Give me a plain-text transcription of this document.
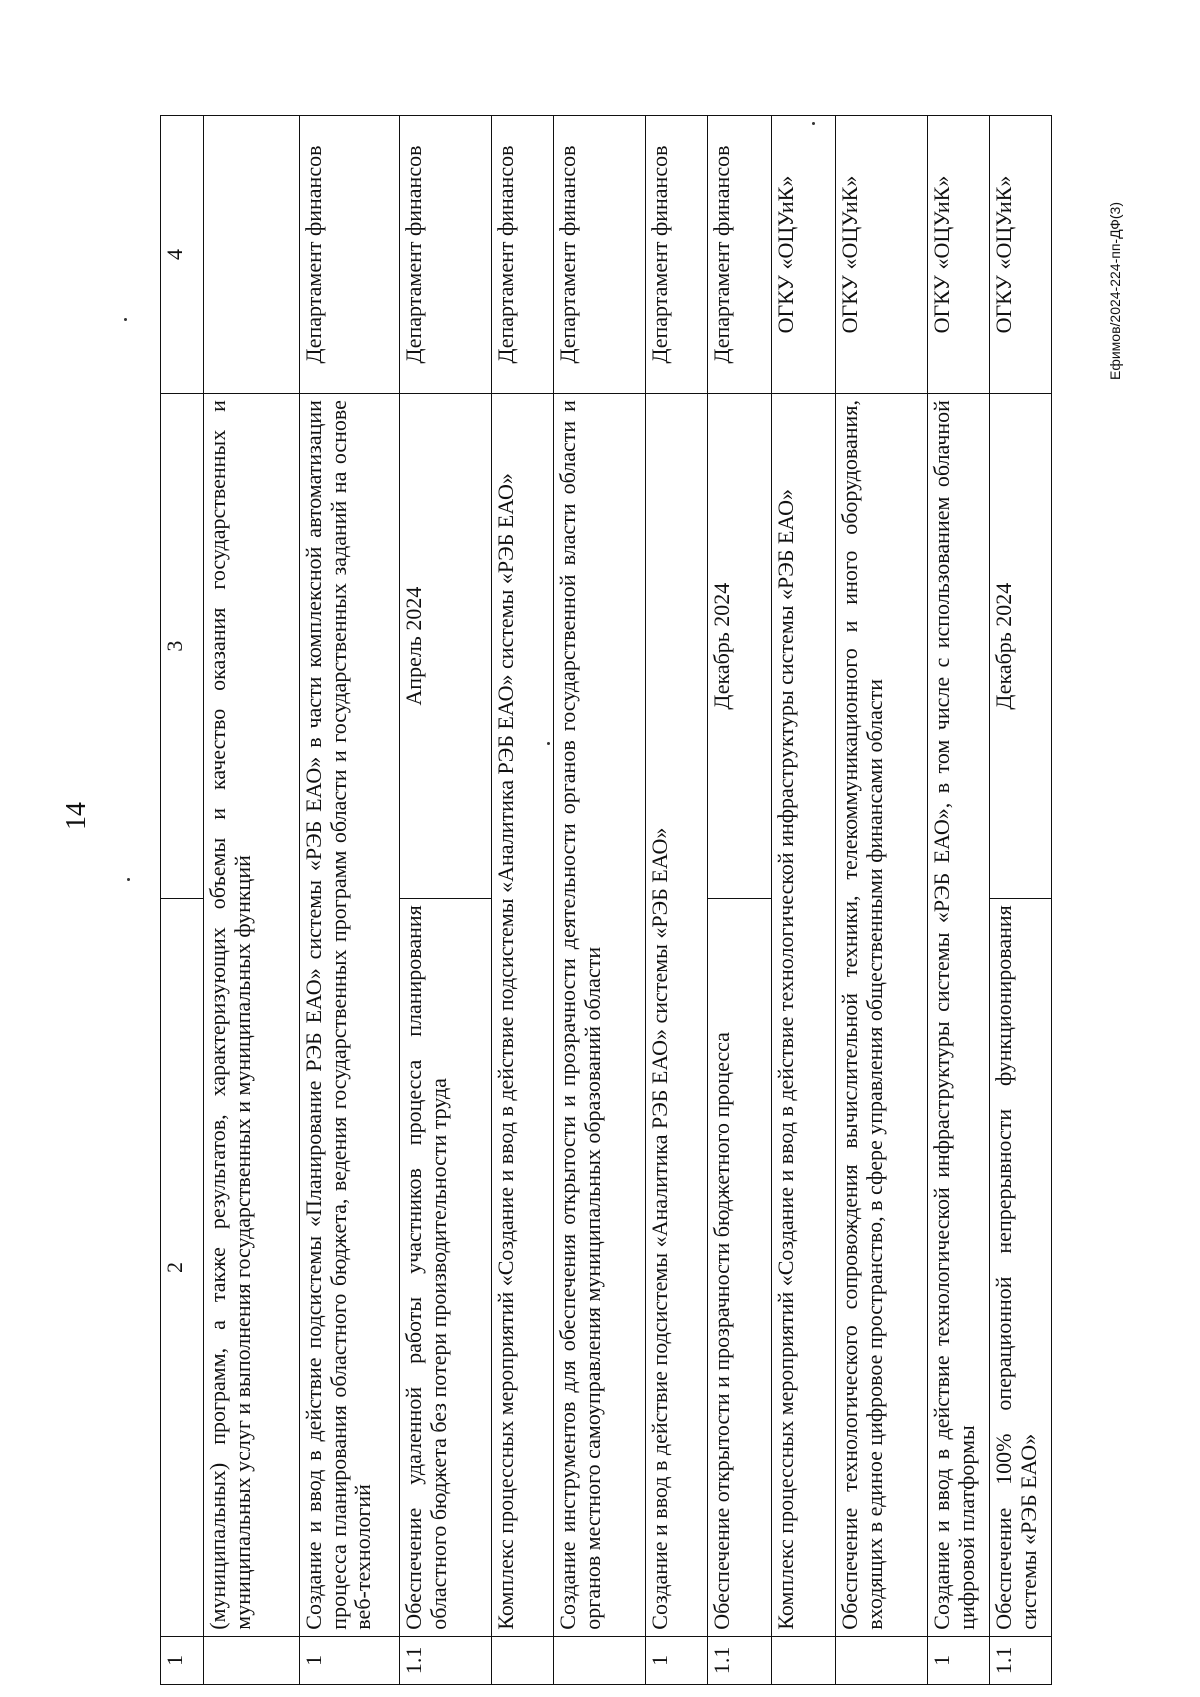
14
Ефимов/2024-224-пп-ДФ(3)
1	2	3	4
	(муниципальных) программ, а также результатов, характеризующих объемы и качество оказания государственных и муниципальных услуг и выполнения государственных и муниципальных функций		
1	Создание и ввод в действие подсистемы «Планирование РЭБ ЕАО» системы «РЭБ ЕАО» в части комплексной автоматизации процесса планирования областного бюджета, ведения государственных программ области и государственных заданий на основе веб-технологий		Департамент финансов
1.1	Обеспечение удаленной работы участников процесса планирования областного бюджета без потери производительности труда	Апрель 2024	Департамент финансов
	Комплекс процессных мероприятий «Создание и ввод в действие подсистемы «Аналитика РЭБ ЕАО» системы «РЭБ ЕАО»		Департамент финансов
	Создание инструментов для обеспечения открытости и прозрачности деятельности органов государственной власти области и органов местного самоуправления муниципальных образований области		Департамент финансов
1	Создание и ввод в действие подсистемы «Аналитика РЭБ ЕАО» системы «РЭБ ЕАО»		Департамент финансов
1.1	Обеспечение открытости и прозрачности бюджетного процесса	Декабрь 2024	Департамент финансов
	Комплекс процессных мероприятий «Создание и ввод в действие технологической инфраструктуры системы «РЭБ ЕАО»		ОГКУ «ОЦУиК»
	Обеспечение технологического сопровождения вычислительной техники, телекоммуникационного и иного оборудования, входящих в единое цифровое пространство, в сфере управления общественными финансами области		ОГКУ «ОЦУиК»
1	Создание и ввод в действие технологической инфраструктуры системы «РЭБ ЕАО», в том числе с использованием облачной цифровой платформы		ОГКУ «ОЦУиК»
1.1	Обеспечение 100% операционной непрерывности функционирования системы «РЭБ ЕАО»	Декабрь 2024	ОГКУ «ОЦУиК»
